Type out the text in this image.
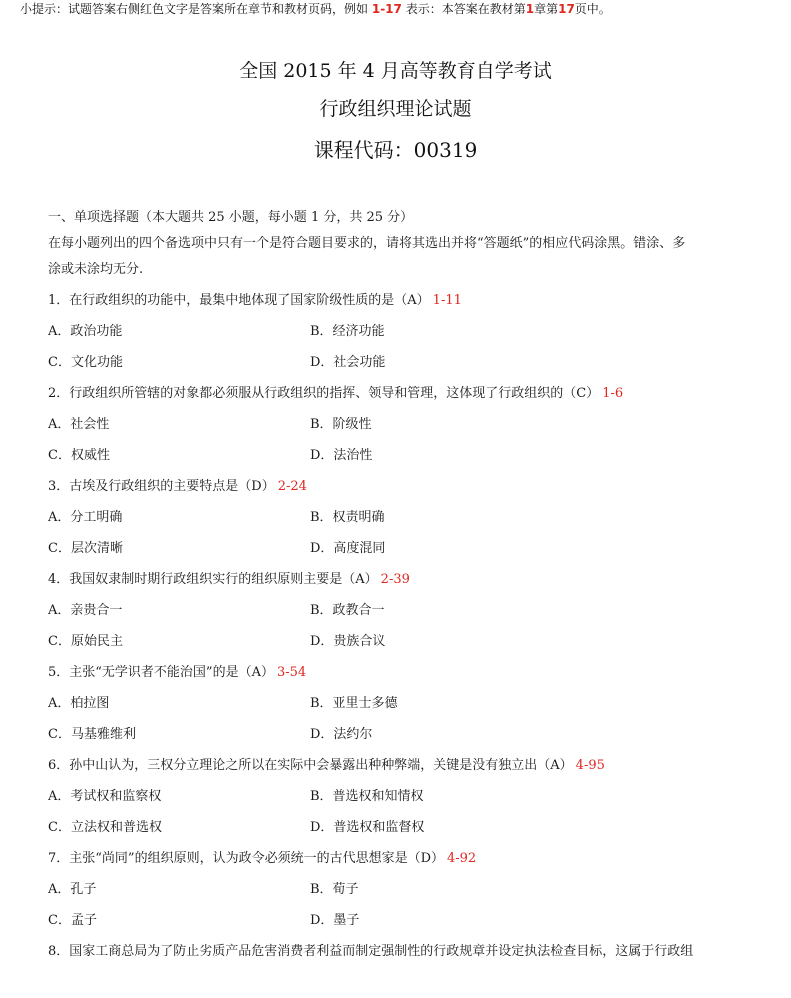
小提示：试题答案右侧红色文字是答案所在章节和教材页码，例如 1-17 表示：本答案在教材第1章第17页中。
全国 2015 年 4 月高等教育自学考试
行政组织理论试题
课程代码：00319
一、单项选择题（本大题共 25 小题，每小题 1 分，共 25 分）
在每小题列出的四个备选项中只有一个是符合题目要求的，请将其选出并将“答题纸”的相应代码涂黑。错涂、多
涂或未涂均无分.
1．在行政组织的功能中，最集中地体现了国家阶级性质的是（A） 1-11
A．政治功能	B．经济功能
C．文化功能	D．社会功能
2．行政组织所管辖的对象都必须服从行政组织的指挥、领导和管理，这体现了行政组织的（C） 1-6
A．社会性	B．阶级性
C．权威性	D．法治性
3．古埃及行政组织的主要特点是（D） 2-24
A．分工明确	B．权责明确
C．层次清晰	D．高度混同
4．我国奴隶制时期行政组织实行的组织原则主要是（A） 2-39
A．亲贵合一	B．政教合一
C．原始民主	D．贵族合议
5．主张“无学识者不能治国”的是（A） 3-54
A．柏拉图	B．亚里士多德
C．马基雅维利	D．法约尔
6．孙中山认为，三权分立理论之所以在实际中会暴露出种种弊端，关键是没有独立出（A） 4-95
A．考试权和监察权	B．普选权和知情权
C．立法权和普选权	D．普选权和监督权
7．主张“尚同”的组织原则，认为政令必须统一的古代思想家是（D） 4-92
A．孔子	B．荀子
C．孟子	D．墨子
8．国家工商总局为了防止劣质产品危害消费者利益而制定强制性的行政规章并设定执法检查目标，这属于行政组
